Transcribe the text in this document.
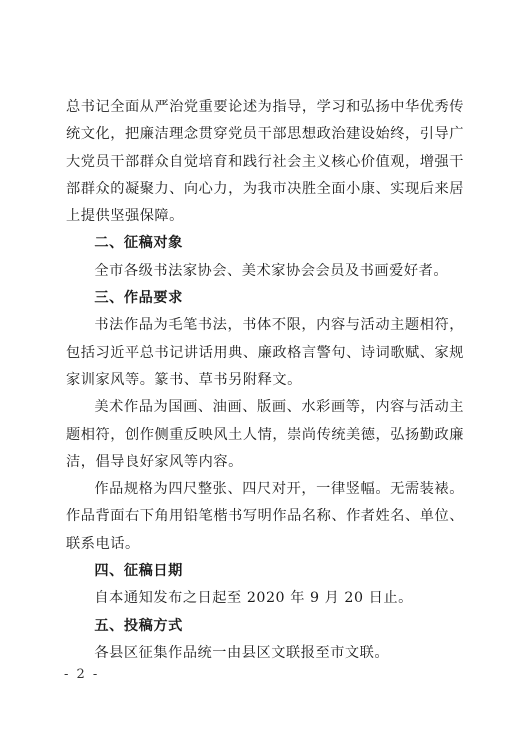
总书记全面从严治党重要论述为指导，学习和弘扬中华优秀传统文化，把廉洁理念贯穿党员干部思想政治建设始终，引导广大党员干部群众自觉培育和践行社会主义核心价值观，增强干部群众的凝聚力、向心力，为我市决胜全面小康、实现后来居上提供坚强保障。

二、征稿对象

全市各级书法家协会、美术家协会会员及书画爱好者。

三、作品要求

书法作品为毛笔书法，书体不限，内容与活动主题相符，包括习近平总书记讲话用典、廉政格言警句、诗词歌赋、家规家训家风等。篆书、草书另附释文。

美术作品为国画、油画、版画、水彩画等，内容与活动主题相符，创作侧重反映风土人情，崇尚传统美德，弘扬勤政廉洁，倡导良好家风等内容。

作品规格为四尺整张、四尺对开，一律竖幅。无需装裱。作品背面右下角用铅笔楷书写明作品名称、作者姓名、单位、联系电话。

四、征稿日期

自本通知发布之日起至 2020 年 9 月 20 日止。

五、投稿方式

各县区征集作品统一由县区文联报至市文联。

- 2 -
